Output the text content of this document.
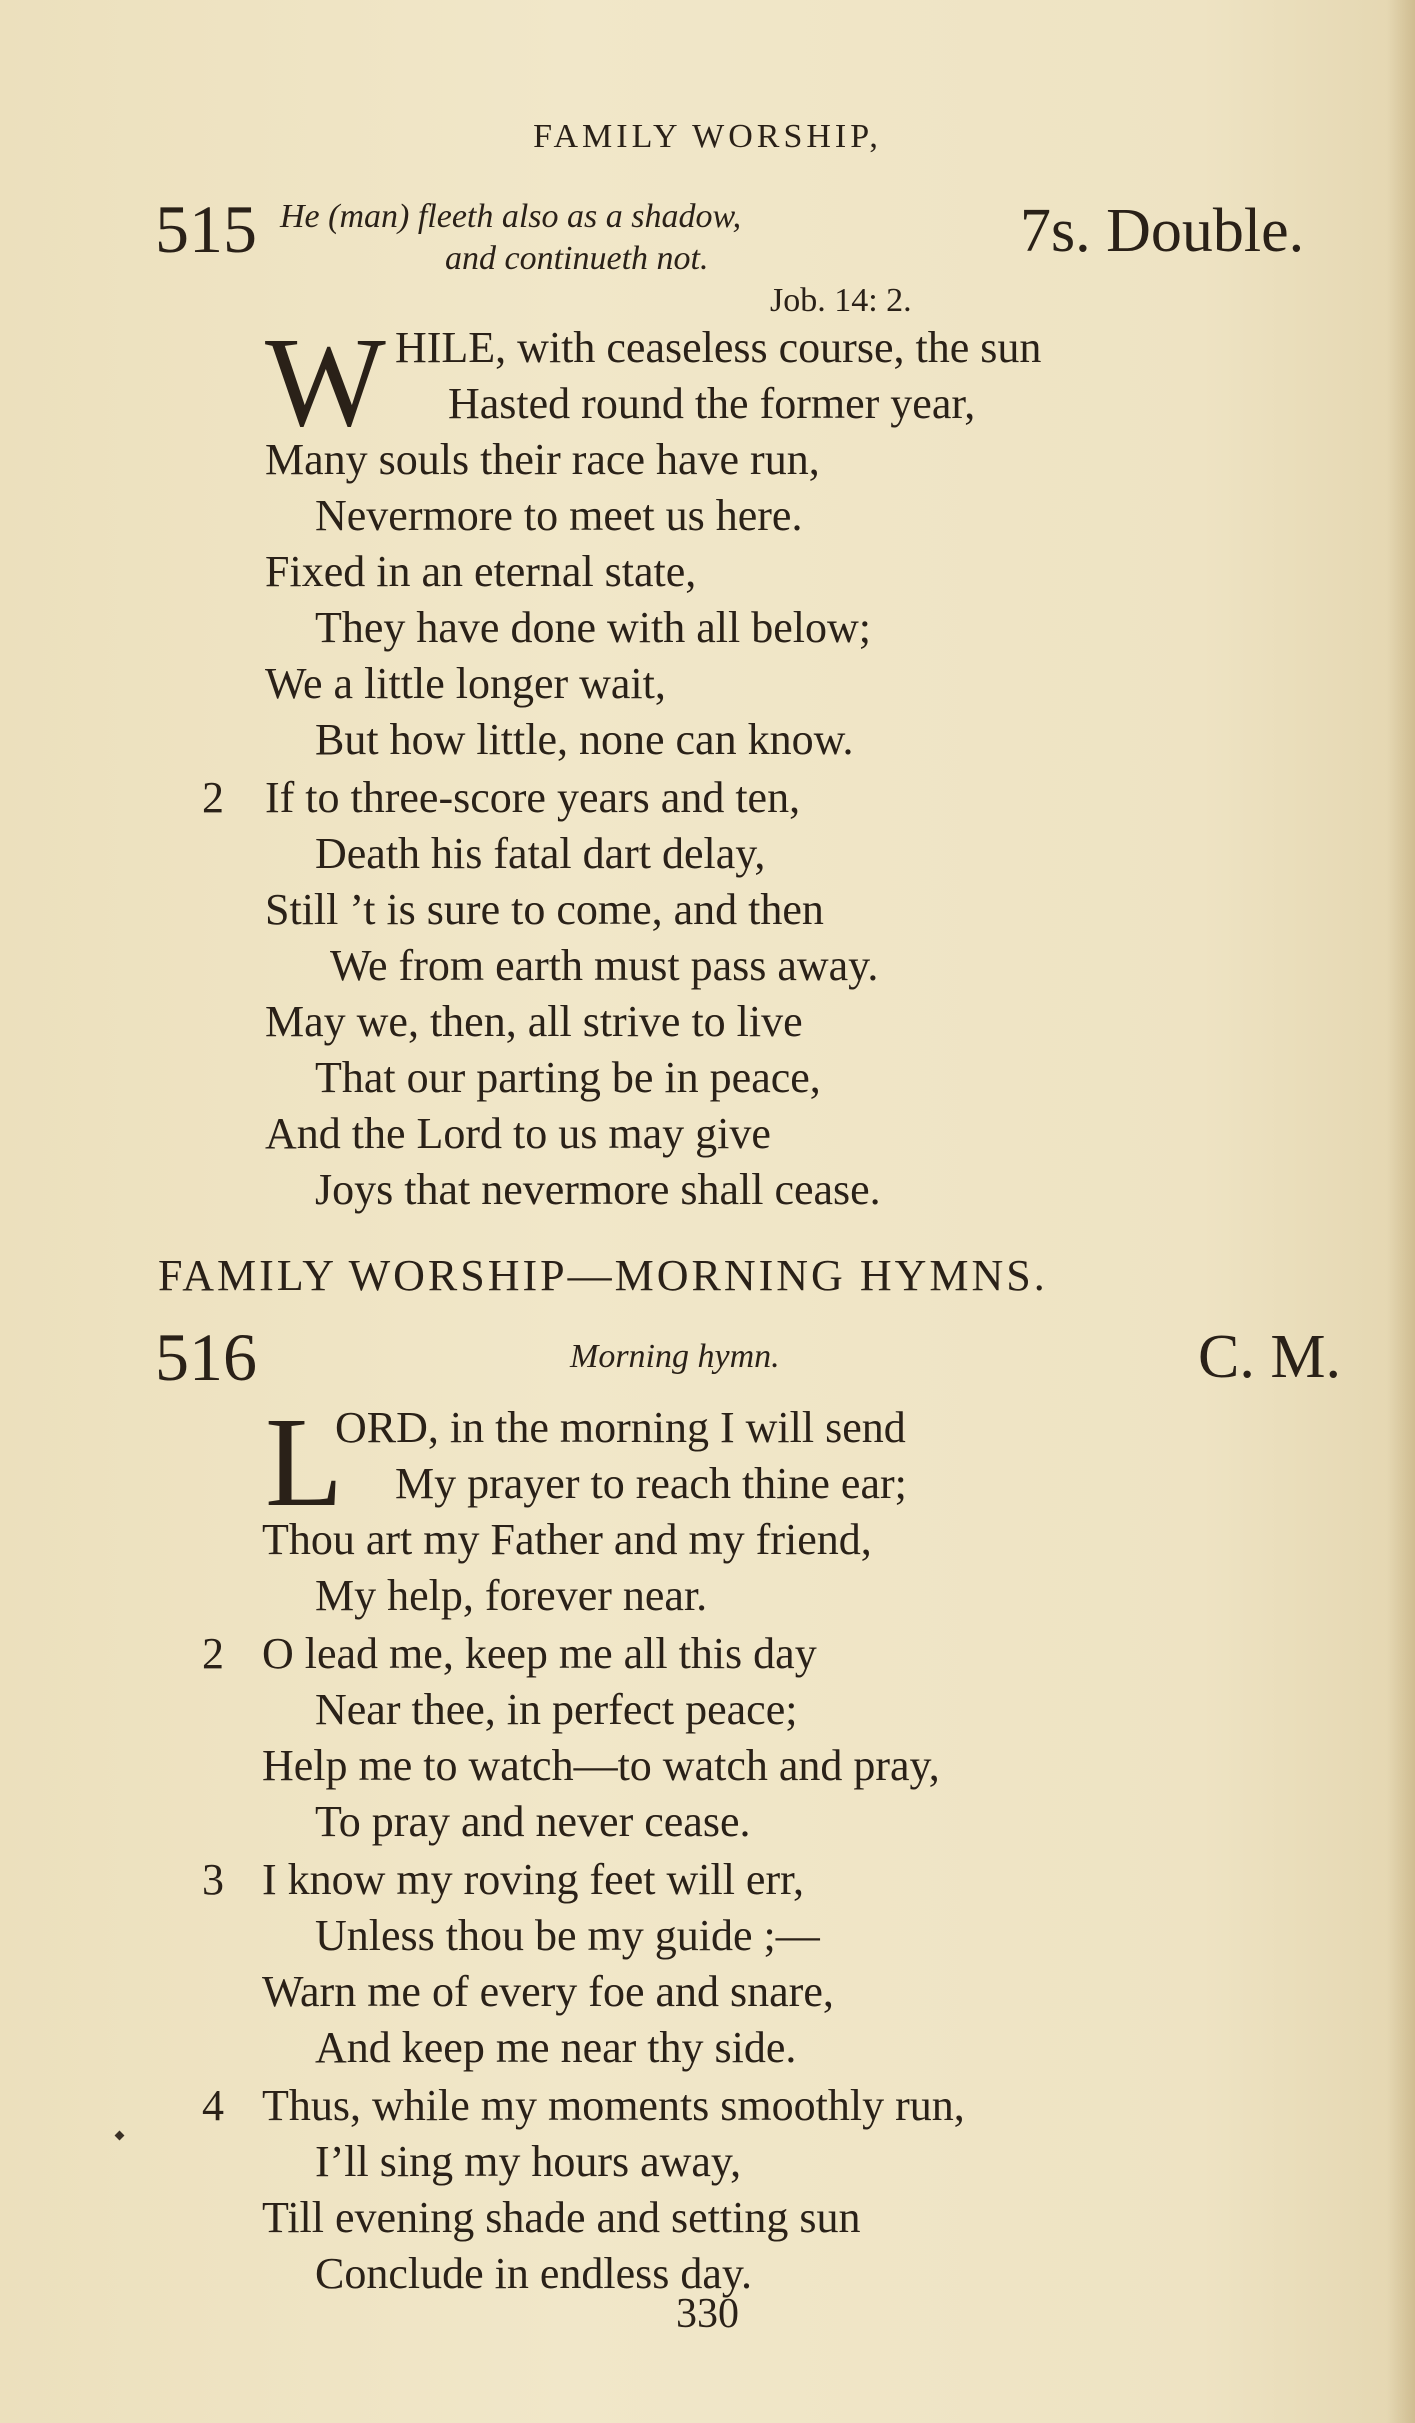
FAMILY WORSHIP,
515 He (man) fleeth also as a shadow,
and continueth not.	7s. Double.
Job. 14: 2.
W HILE, with ceaseless course, the sun
Hasted round the former year,
Many souls their race have run,
Nevermore to meet us here.
Fixed in an eternal state,
They have done with all below;
We a little longer wait,
But how little, none can know.
2 If to three-score years and ten,
Death his fatal dart delay,
Still ’t is sure to come, and then
We from earth must pass away.
May we, then, all strive to live
That our parting be in peace,
And the Lord to us may give
Joys that nevermore shall cease.
FAMILY WORSHIP—MORNING HYMNS.
516	Morning hymn.	C. M.
L
ORD, in the morning I will send
My prayer to reach thine ear;
Thou art my Father and my friend,
My help, forever near.
2 O lead me, keep me all this day
Near thee, in perfect peace;
Help me to watch—to watch and pray,
To pray and never cease.
3 I know my roving feet will err,
Unless thou be my guide ;—
Warn me of every foe and snare,
And keep me near thy side.
4 Thus, while my moments smoothly run,
I’ll sing my hours away,
Till evening shade and setting sun
Conclude in endless day.
330
